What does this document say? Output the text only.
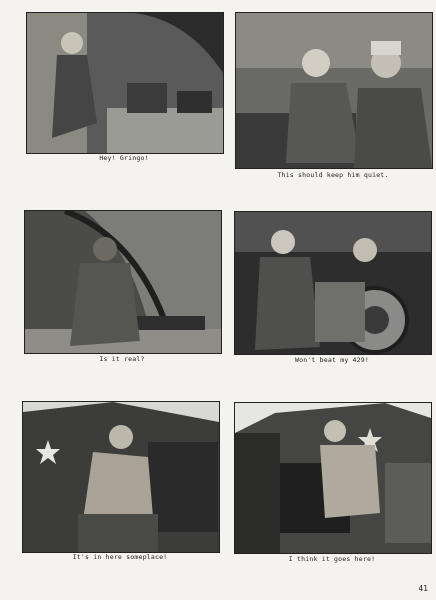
Hey! Gringo!
This should keep him quiet.
Is it real?	Won't beat my 429!
It's in here someplace!	I think it goes here!
41
